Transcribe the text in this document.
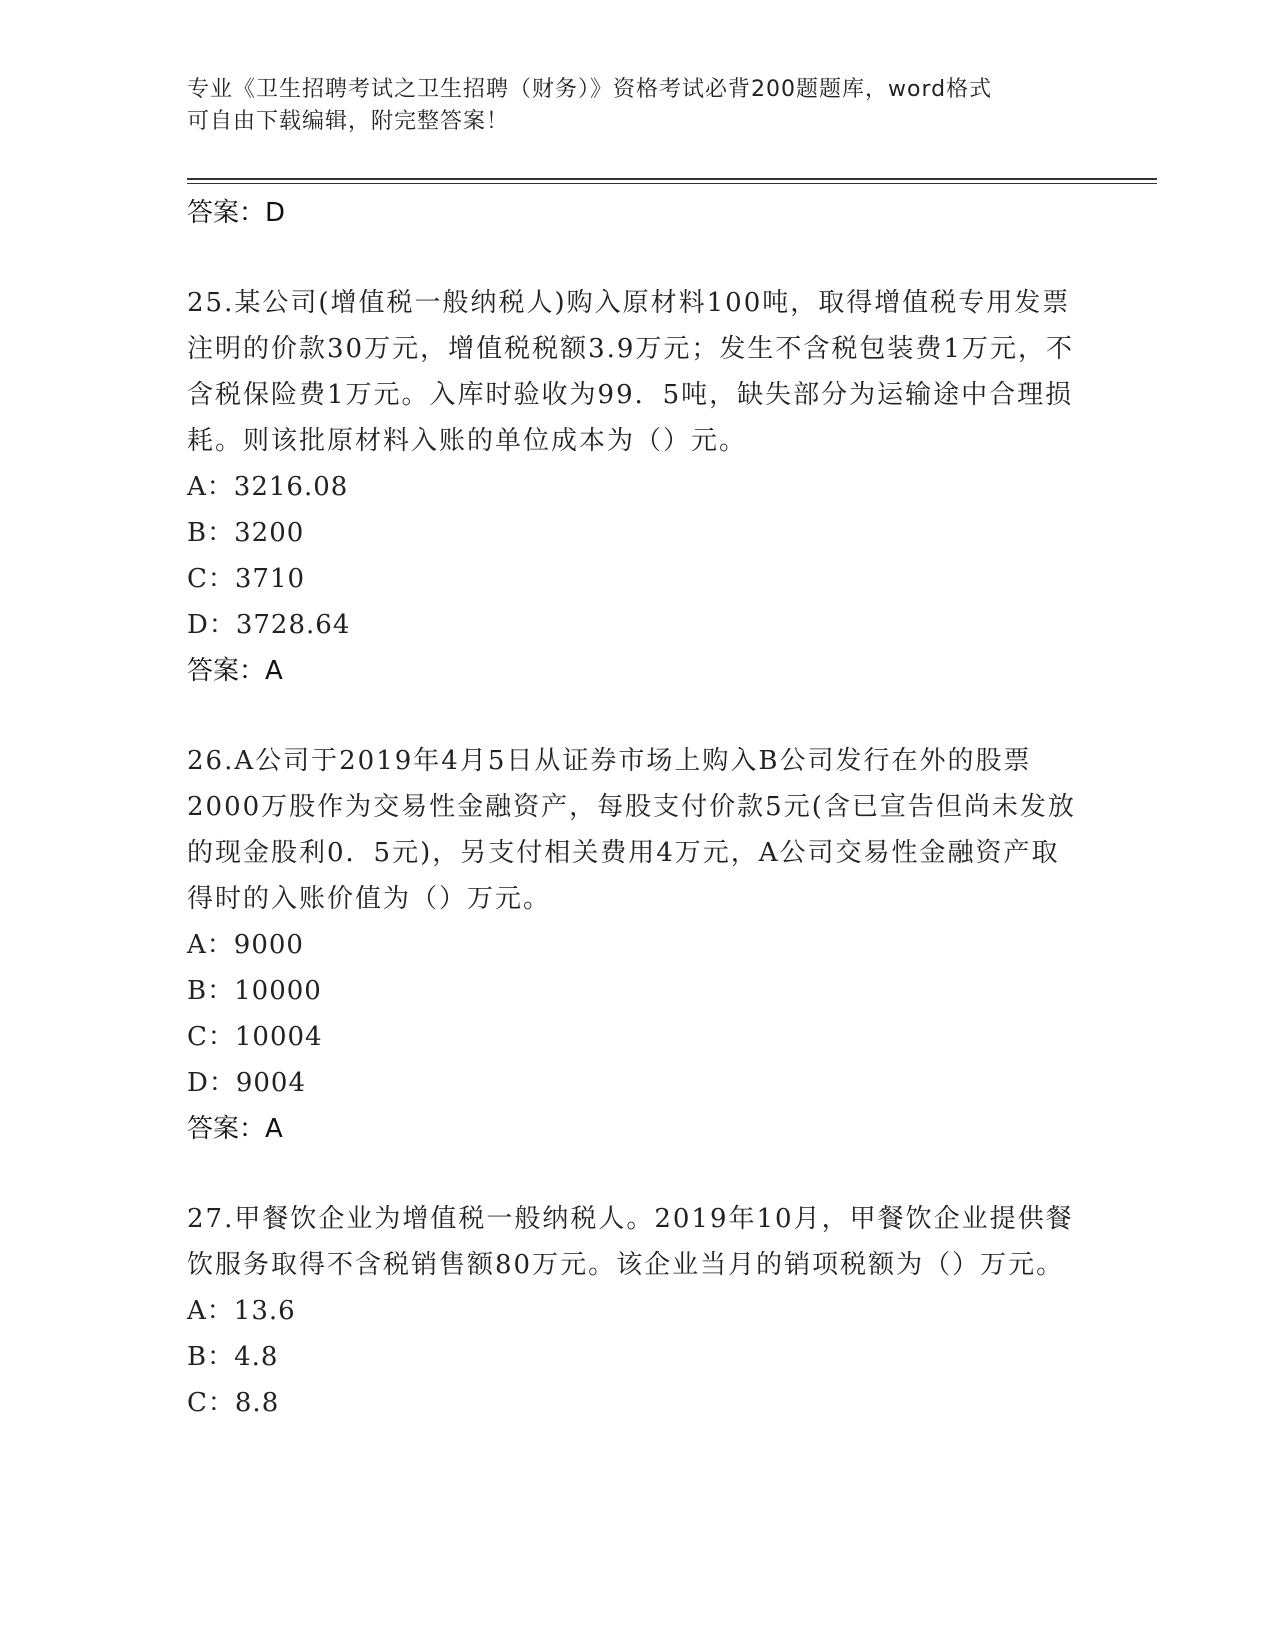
专业《卫生招聘考试之卫生招聘（财务）》资格考试必背200题题库，word格式
可自由下载编辑，附完整答案！
答案：D

25.某公司(增值税一般纳税人)购入原材料100吨，取得增值税专用发票注明的价款30万元，增值税税额3.9万元；发生不含税包装费1万元，不含税保险费1万元。入库时验收为99．5吨，缺失部分为运输途中合理损耗。则该批原材料入账的单位成本为（）元。

A：3216.08
B：3200
C：3710
D：3728.64
答案：A

26.A公司于2019年4月5日从证券市场上购入B公司发行在外的股票2000万股作为交易性金融资产，每股支付价款5元(含已宣告但尚未发放的现金股利0．5元)，另支付相关费用4万元，A公司交易性金融资产取得时的入账价值为（）万元。

A：9000
B：10000
C：10004
D：9004
答案：A

27.甲餐饮企业为增值税一般纳税人。2019年10月，甲餐饮企业提供餐饮服务取得不含税销售额80万元。该企业当月的销项税额为（）万元。

A：13.6
B：4.8
C：8.8
